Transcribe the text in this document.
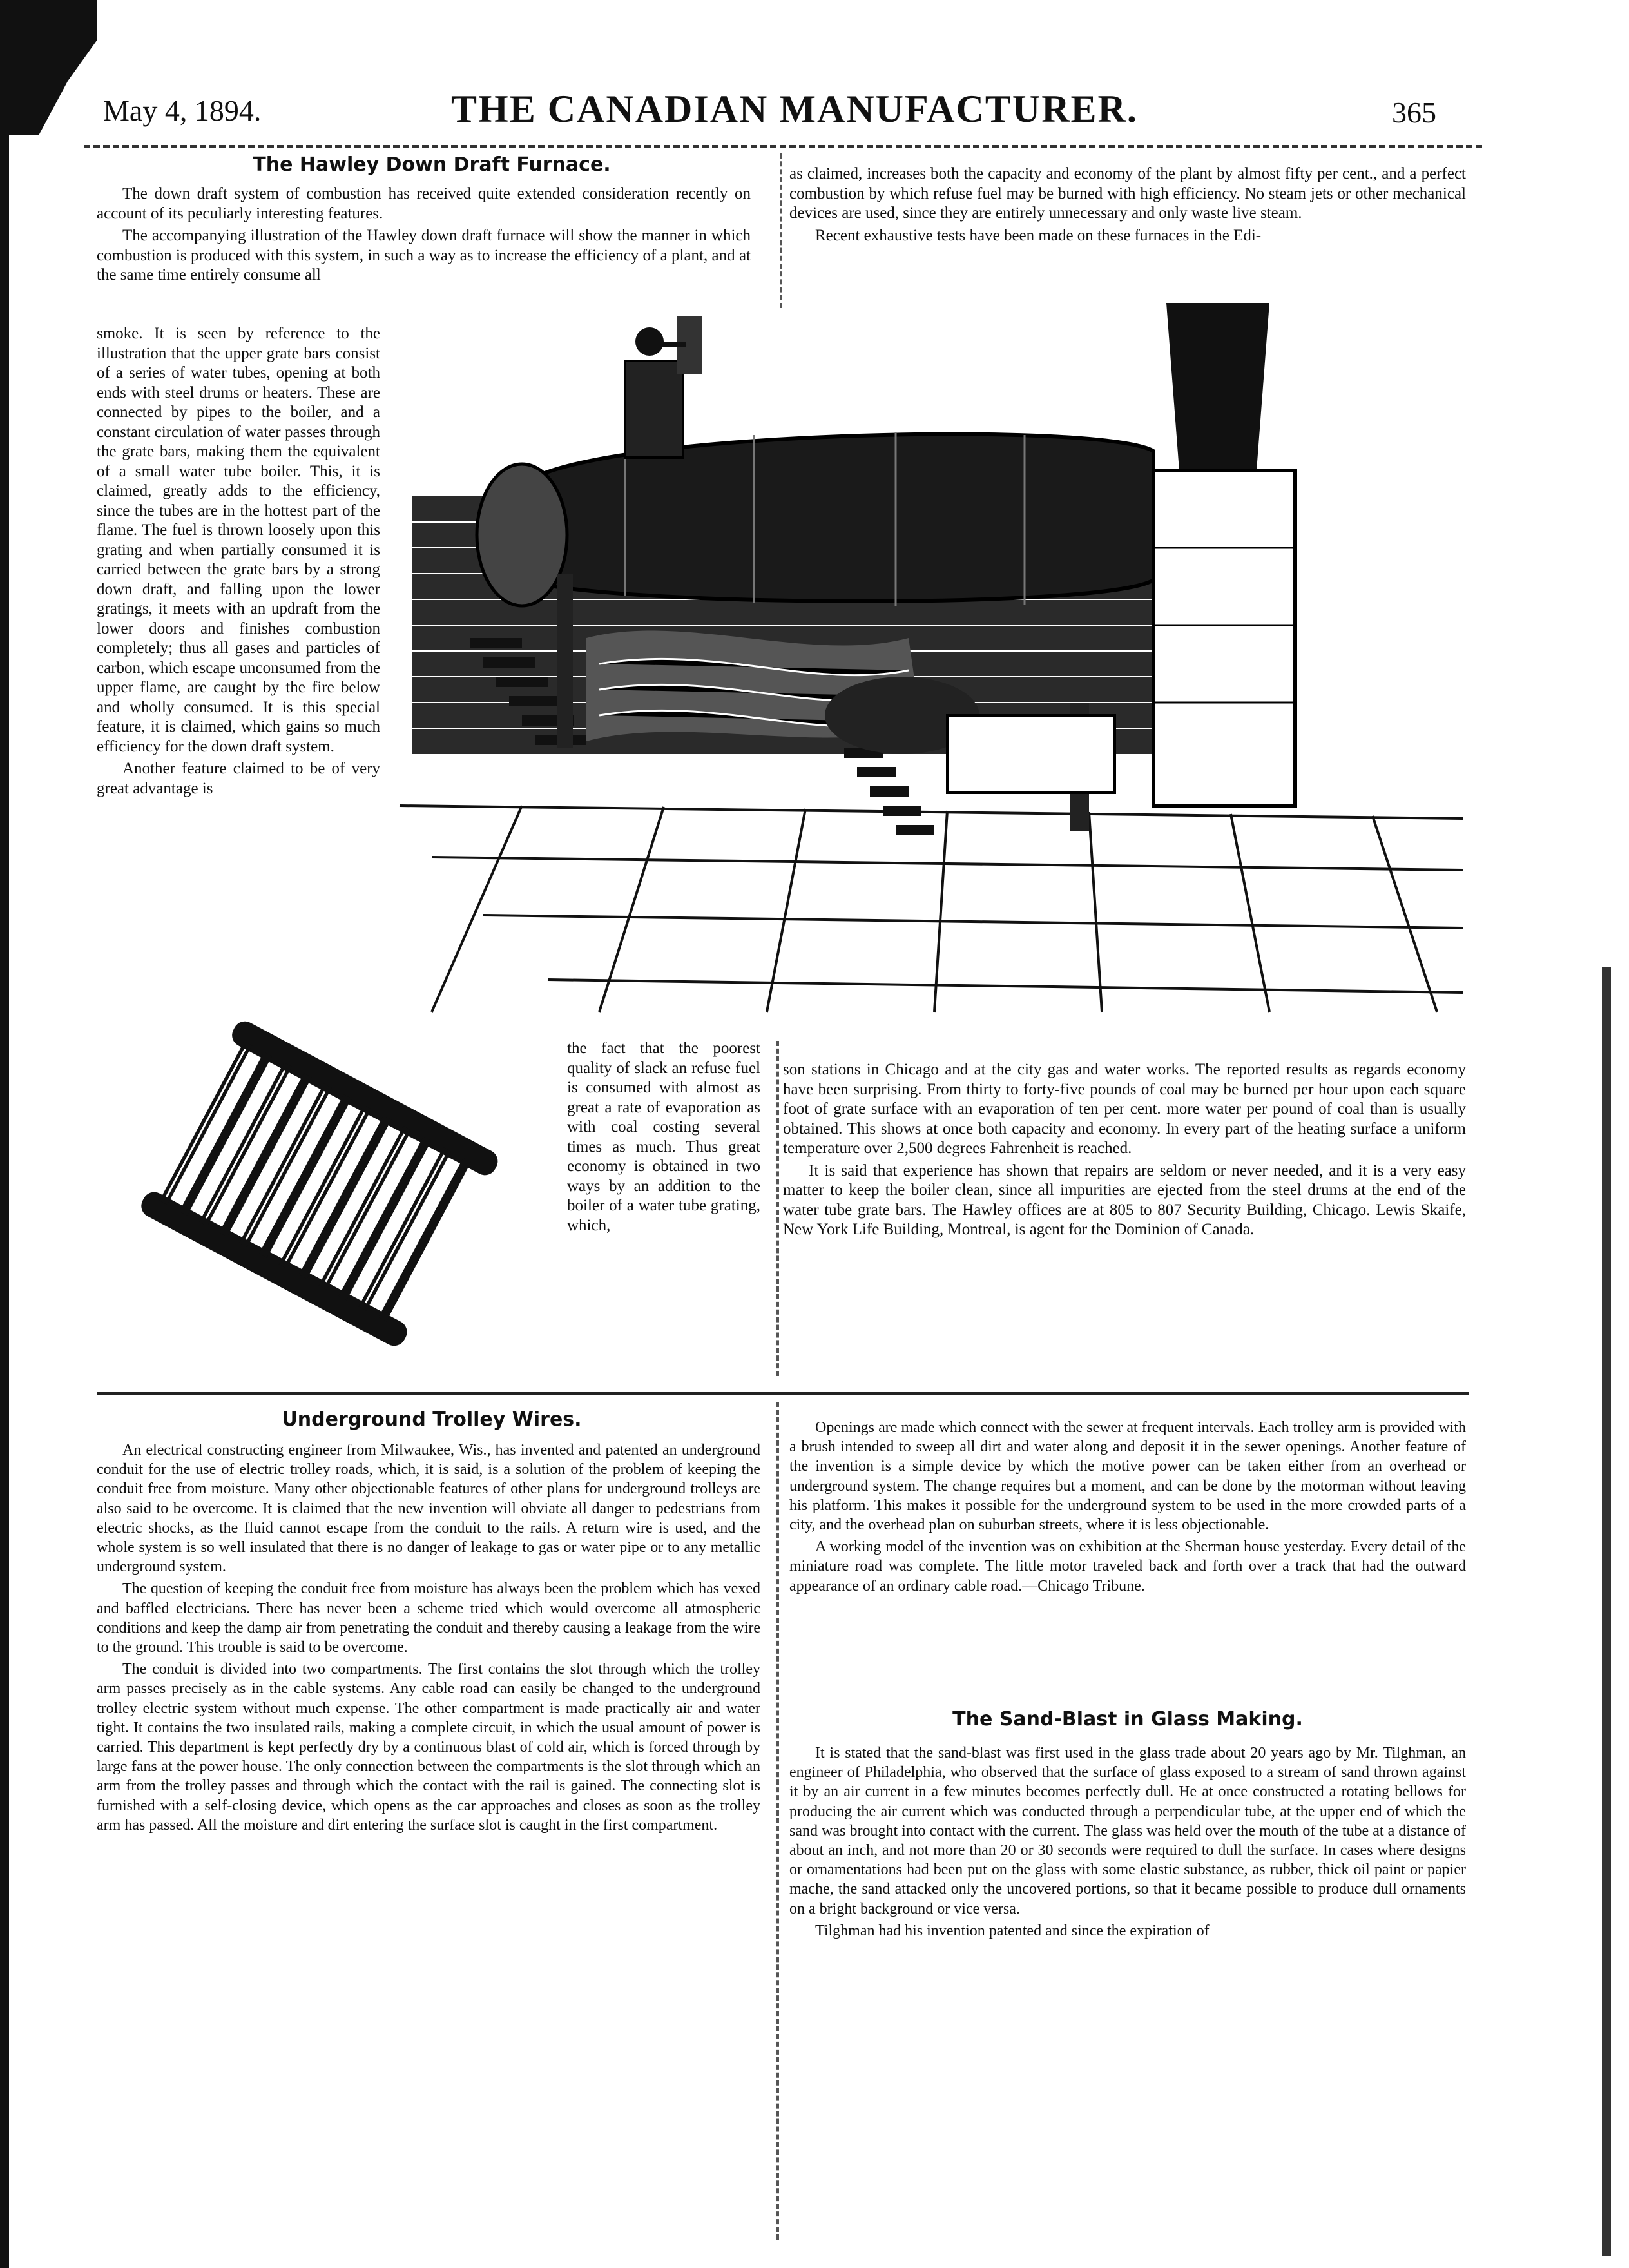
May 4, 1894.	THE CANADIAN MANUFACTURER.	365
The Hawley Down Draft Furnace.

The down draft system of combustion has received quite extended consideration recently on account of its peculiarly interesting features.

The accompanying illustration of the Hawley down draft furnace will show the manner in which combustion is produced with this system, in such a way as to increase the efficiency of a plant, and at the same time entirely consume all

smoke. It is seen by reference to the illustration that the upper grate bars consist of a series of water tubes, opening at both ends with steel drums or heaters. These are connected by pipes to the boiler, and a constant circulation of water passes through the grate bars, making them the equivalent of a small water tube boiler. This, it is claimed, greatly adds to the efficiency, since the tubes are in the hottest part of the flame. The fuel is thrown loosely upon this grating and when partially consumed it is carried between the grate bars by a strong down draft, and falling upon the lower gratings, it meets with an updraft from the lower doors and finishes combustion completely; thus all gases and particles of carbon, which escape unconsumed from the upper flame, are caught by the fire below and wholly consumed. It is this special feature, it is claimed, which gains so much efficiency for the down draft system.

Another feature claimed to be of very great advantage is

as claimed, increases both the capacity and economy of the plant by almost fifty per cent., and a perfect combustion by which refuse fuel may be burned with high efficiency. No steam jets or other mechanical devices are used, since they are entirely unnecessary and only waste live steam.

Recent exhaustive tests have been made on these furnaces in the Edi-

the fact that the poorest quality of slack an refuse fuel is consumed with almost as great a rate of evaporation as with coal costing several times as much. Thus great economy is obtained in two ways by an addition to the boiler of a water tube grating, which,

son stations in Chicago and at the city gas and water works. The reported results as regards economy have been surprising. From thirty to forty-five pounds of coal may be burned per hour upon each square foot of grate surface with an evaporation of ten per cent. more water per pound of coal than is usually obtained. This shows at once both capacity and economy. In every part of the heating surface a uniform temperature over 2,500 degrees Fahrenheit is reached.

It is said that experience has shown that repairs are seldom or never needed, and it is a very easy matter to keep the boiler clean, since all impurities are ejected from the steel drums at the end of the water tube grate bars. The Hawley offices are at 805 to 807 Security Building, Chicago. Lewis Skaife, New York Life Building, Montreal, is agent for the Dominion of Canada.

Underground Trolley Wires.

An electrical constructing engineer from Milwaukee, Wis., has invented and patented an underground conduit for the use of electric trolley roads, which, it is said, is a solution of the problem of keeping the conduit free from moisture. Many other objectionable features of other plans for underground trolleys are also said to be overcome. It is claimed that the new invention will obviate all danger to pedestrians from electric shocks, as the fluid cannot escape from the conduit to the rails. A return wire is used, and the whole system is so well insulated that there is no danger of leakage to gas or water pipe or to any metallic underground system.

The question of keeping the conduit free from moisture has always been the problem which has vexed and baffled electricians. There has never been a scheme tried which would overcome all atmospheric conditions and keep the damp air from penetrating the conduit and thereby causing a leakage from the wire to the ground. This trouble is said to be overcome.

The conduit is divided into two compartments. The first contains the slot through which the trolley arm passes precisely as in the cable systems. Any cable road can easily be changed to the underground trolley electric system without much expense. The other compartment is made practically air and water tight. It contains the two insulated rails, making a complete circuit, in which the usual amount of power is carried. This department is kept perfectly dry by a continuous blast of cold air, which is forced through by large fans at the power house. The only connection between the compartments is the slot through which an arm from the trolley passes and through which the contact with the rail is gained. The connecting slot is furnished with a self-closing device, which opens as the car approaches and closes as soon as the trolley arm has passed. All the moisture and dirt entering the surface slot is caught in the first compartment.

Openings are made which connect with the sewer at frequent intervals. Each trolley arm is provided with a brush intended to sweep all dirt and water along and deposit it in the sewer openings. Another feature of the invention is a simple device by which the motive power can be taken either from an overhead or underground system. The change requires but a moment, and can be done by the motorman without leaving his platform. This makes it possible for the underground system to be used in the more crowded parts of a city, and the overhead plan on suburban streets, where it is less objectionable.

A working model of the invention was on exhibition at the Sherman house yesterday. Every detail of the miniature road was complete. The little motor traveled back and forth over a track that had the outward appearance of an ordinary cable road.—Chicago Tribune.

The Sand-Blast in Glass Making.

It is stated that the sand-blast was first used in the glass trade about 20 years ago by Mr. Tilghman, an engineer of Philadelphia, who observed that the surface of glass exposed to a stream of sand thrown against it by an air current in a few minutes becomes perfectly dull. He at once constructed a rotating bellows for producing the air current which was conducted through a perpendicular tube, at the upper end of which the sand was brought into contact with the current. The glass was held over the mouth of the tube at a distance of about an inch, and not more than 20 or 30 seconds were required to dull the surface. In cases where designs or ornamentations had been put on the glass with some elastic substance, as rubber, thick oil paint or papier mache, the sand attacked only the uncovered portions, so that it became possible to produce dull ornaments on a bright background or vice versa.

Tilghman had his invention patented and since the expiration of
